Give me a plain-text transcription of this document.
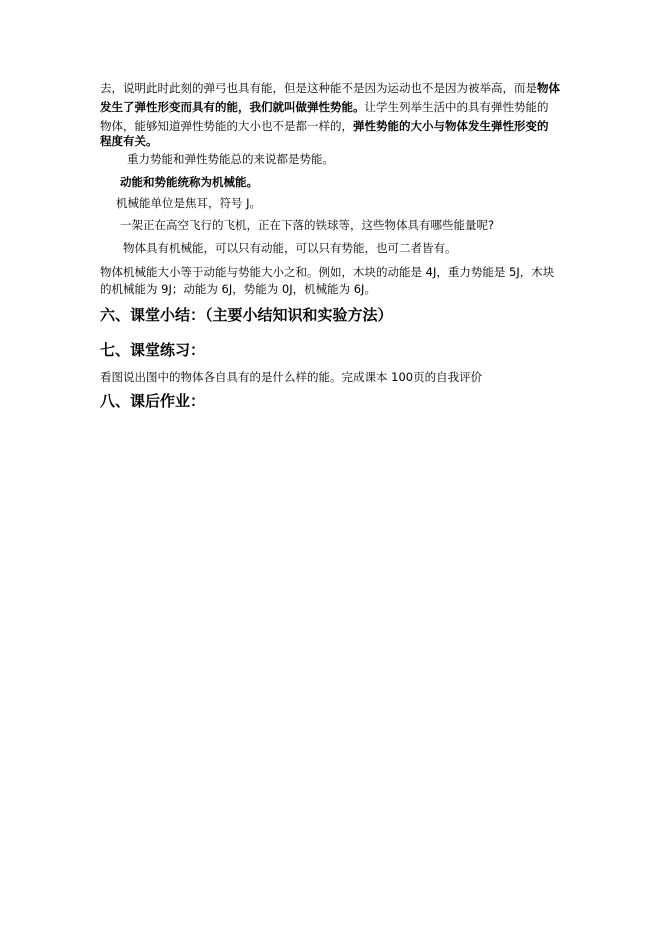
去，说明此时此刻的弹弓也具有能，但是这种能不是因为运动也不是因为被举高，而是物体
发生了弹性形变而具有的能，我们就叫做弹性势能。让学生列举生活中的具有弹性势能的
物体，能够知道弹性势能的大小也不是都一样的，弹性势能的大小与物体发生弹性形变的
程度有关。
重力势能和弹性势能总的来说都是势能。
动能和势能统称为机械能。
机械能单位是焦耳，符号 J。
一架正在高空飞行的飞机，正在下落的铁球等，这些物体具有哪些能量呢?
物体具有机械能，可以只有动能，可以只有势能，也可二者皆有。
物体机械能大小等于动能与势能大小之和。例如，木块的动能是 4J，重力势能是 5J，木块
的机械能为 9J；动能为 6J，势能为 0J，机械能为 6J。
六、课堂小结：（主要小结知识和实验方法）
七、课堂练习：
看图说出图中的物体各自具有的是什么样的能。完成课本 100页的自我评价
八、课后作业：
